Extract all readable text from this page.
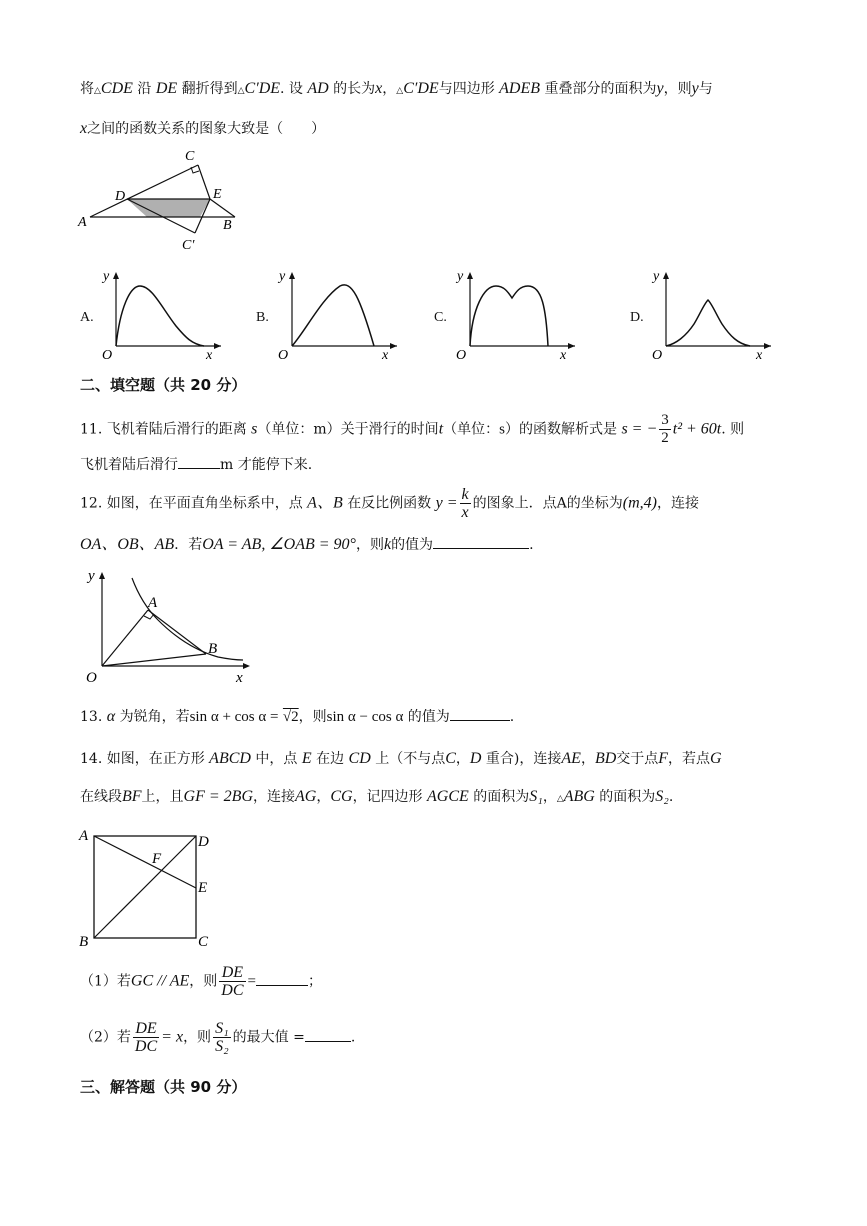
将△CDE 沿 DE 翻折得到△C′DE. 设 AD 的长为x，△C′DE与四边形 ADEB 重叠部分的面积为y，则y与
x之间的函数关系的图象大致是（　　）
C
D	E
A	B
C′
A.
y
x
O
B.
y
x
O
C.
y
x
O
D.
y
x
O
二、填空题（共 20 分）
11. 飞机着陆后滑行的距离 s（单位：m）关于滑行的时间t（单位：s）的函数解析式是 s = − $\frac{3}{2} t^2 + 60t$. 则
飞机着陆后滑行	m 才能停下来.
12. 如图，在平面直角坐标系中，点 A、B 在反比例函数 $y = \frac{k}{x}$ 的图象上．点A的坐标为(m,4)，连接
OA、OB、AB．若OA = AB, ∠OAB = 90°，则k的值为	.
y
x
O
A
B
13. α 为锐角，若sin α + cos α = √2，则sin α − cos α 的值为	.
14. 如图，在正方形 ABCD 中，点 E 在边 CD 上（不与点C，D 重合)，连接AE，BD交于点F，若点G
在线段BF上，且GF = 2BG，连接AG，CG，记四边形 AGCE 的面积为S₁，△ABG 的面积为S₂.
A	D
E
B	C
F
（1）若GC // AE，则 $\frac{DE}{DC}$ =	；
（2）若 $\frac{DE}{DC} = x$，则 $\frac{\text{S₁}}{\text{S₂}}$ 的最大值 =	.
三、解答题（共 90 分）
